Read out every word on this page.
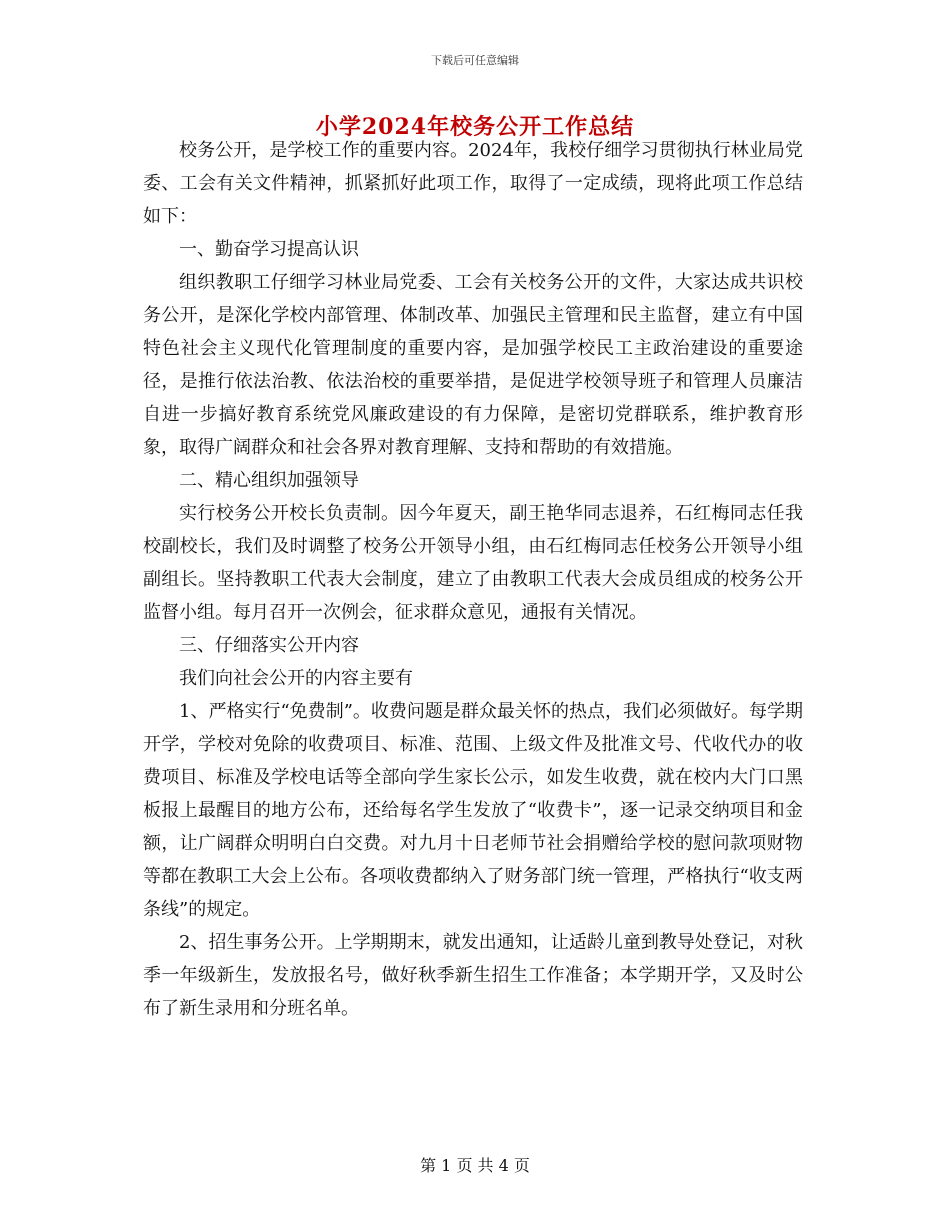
下载后可任意编辑
小学2024年校务公开工作总结

校务公开，是学校工作的重要内容。2024年，我校仔细学习贯彻执行林业局党委、工会有关文件精神，抓紧抓好此项工作，取得了一定成绩，现将此项工作总结如下：

一、勤奋学习提高认识

组织教职工仔细学习林业局党委、工会有关校务公开的文件，大家达成共识校务公开，是深化学校内部管理、体制改革、加强民主管理和民主监督，建立有中国特色社会主义现代化管理制度的重要内容，是加强学校民工主政治建设的重要途径，是推行依法治教、依法治校的重要举措，是促进学校领导班子和管理人员廉洁自进一步搞好教育系统党风廉政建设的有力保障，是密切党群联系，维护教育形象，取得广阔群众和社会各界对教育理解、支持和帮助的有效措施。

二、精心组织加强领导

实行校务公开校长负责制。因今年夏天，副王艳华同志退养，石红梅同志任我校副校长，我们及时调整了校务公开领导小组，由石红梅同志任校务公开领导小组副组长。坚持教职工代表大会制度，建立了由教职工代表大会成员组成的校务公开监督小组。每月召开一次例会，征求群众意见，通报有关情况。

三、仔细落实公开内容

我们向社会公开的内容主要有

1、严格实行“免费制”。收费问题是群众最关怀的热点，我们必须做好。每学期开学，学校对免除的收费项目、标准、范围、上级文件及批准文号、代收代办的收费项目、标准及学校电话等全部向学生家长公示，如发生收费，就在校内大门口黑板报上最醒目的地方公布，还给每名学生发放了“收费卡”，逐一记录交纳项目和金额，让广阔群众明明白白交费。对九月十日老师节社会捐赠给学校的慰问款项财物等都在教职工大会上公布。各项收费都纳入了财务部门统一管理，严格执行“收支两条线”的规定。

2、招生事务公开。上学期期末，就发出通知，让适龄儿童到教导处登记，对秋季一年级新生，发放报名号，做好秋季新生招生工作准备；本学期开学，又及时公布了新生录用和分班名单。

第 1 页 共 4 页
